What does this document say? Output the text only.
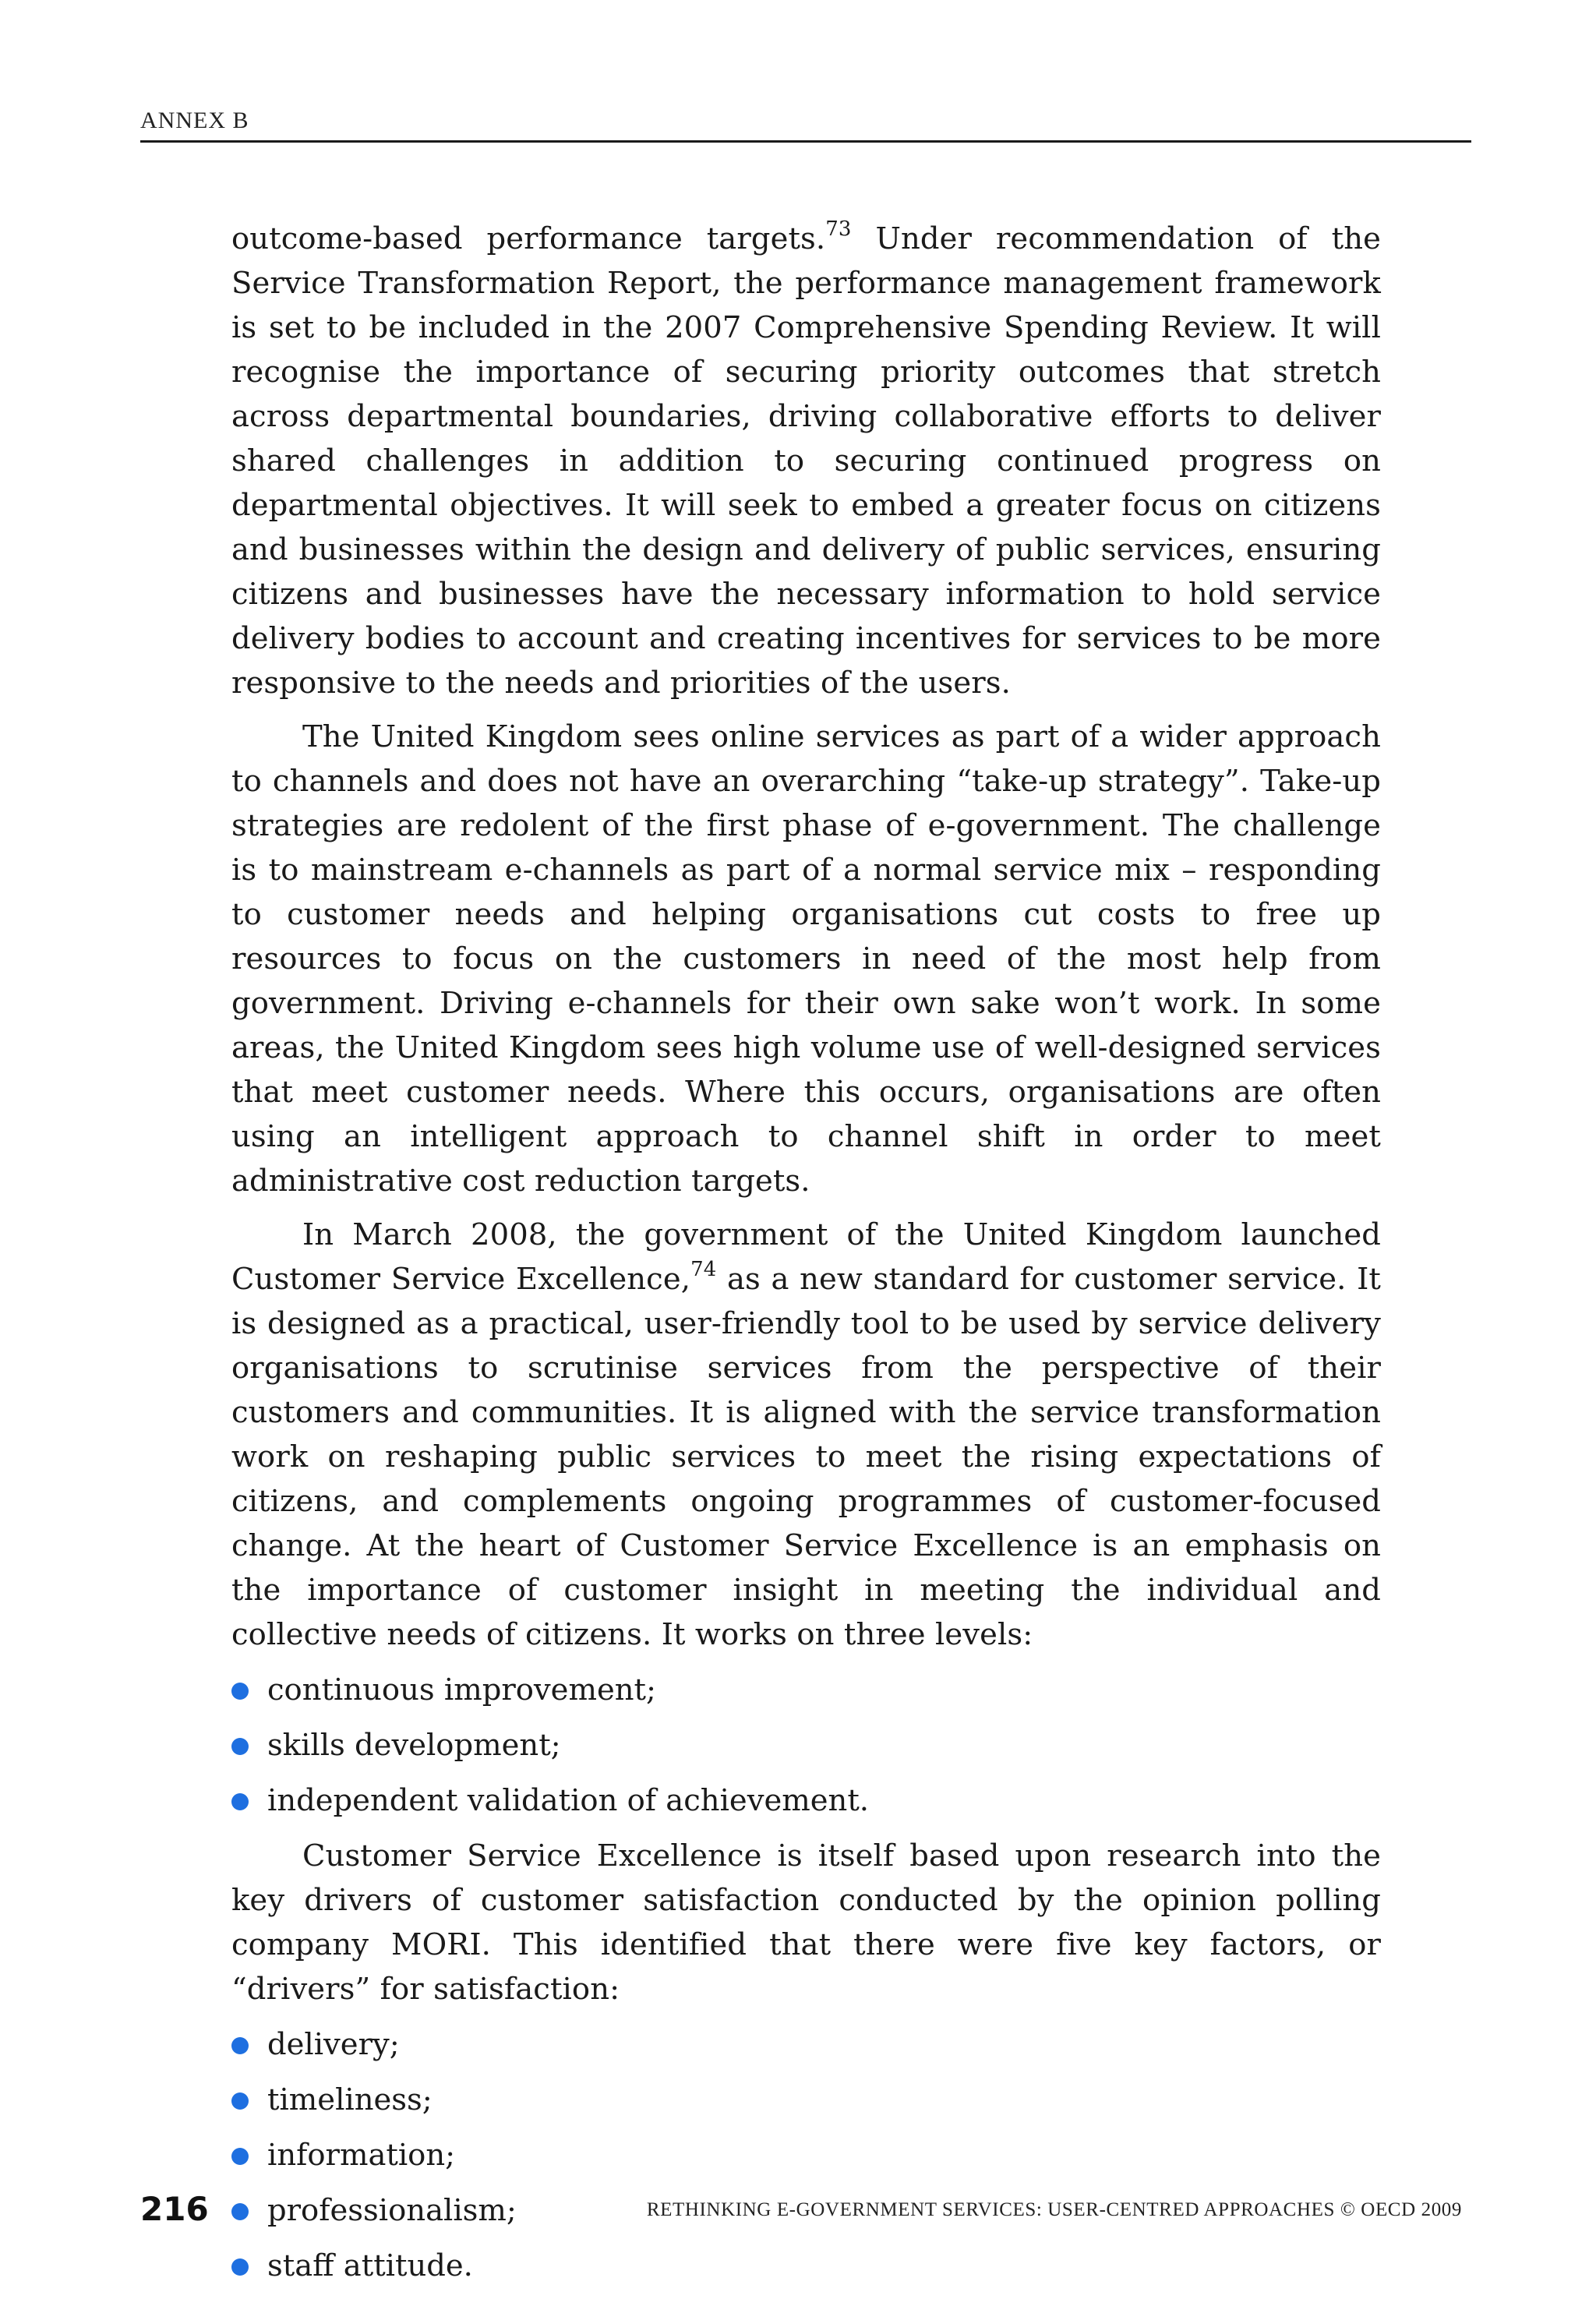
ANNEX B

outcome-based performance targets.$^{73}$ Under recommendation of the Service Transformation Report, the performance management framework is set to be included in the 2007 Comprehensive Spending Review. It will recognise the importance of securing priority outcomes that stretch across departmental boundaries, driving collaborative efforts to deliver shared challenges in addition to securing continued progress on departmental objectives. It will seek to embed a greater focus on citizens and businesses within the design and delivery of public services, ensuring citizens and businesses have the necessary information to hold service delivery bodies to account and creating incentives for services to be more responsive to the needs and priorities of the users.

The United Kingdom sees online services as part of a wider approach to channels and does not have an overarching “take-up strategy”. Take-up strategies are redolent of the first phase of e-government. The challenge is to mainstream e-channels as part of a normal service mix – responding to customer needs and helping organisations cut costs to free up resources to focus on the customers in need of the most help from government. Driving e-channels for their own sake won’t work. In some areas, the United Kingdom sees high volume use of well-designed services that meet customer needs. Where this occurs, organisations are often using an intelligent approach to channel shift in order to meet administrative cost reduction targets.

In March 2008, the government of the United Kingdom launched Customer Service Excellence,$^{74}$ as a new standard for customer service. It is designed as a practical, user-friendly tool to be used by service delivery organisations to scrutinise services from the perspective of their customers and communities. It is aligned with the service transformation work on reshaping public services to meet the rising expectations of citizens, and complements ongoing programmes of customer-focused change. At the heart of Customer Service Excellence is an emphasis on the importance of customer insight in meeting the individual and collective needs of citizens. It works on three levels:

continuous improvement;
skills development;
independent validation of achievement.

Customer Service Excellence is itself based upon research into the key drivers of customer satisfaction conducted by the opinion polling company MORI. This identified that there were five key factors, or “drivers” for satisfaction:

delivery;
timeliness;
information;
professionalism;
staff attitude.
216	RETHINKING E-GOVERNMENT SERVICES: USER-CENTRED APPROACHES © OECD 2009
